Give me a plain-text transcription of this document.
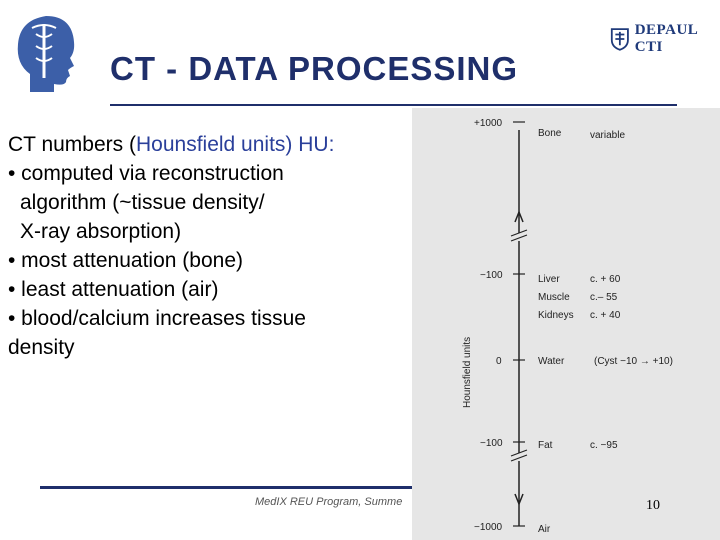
CT - DATA PROCESSING
DEPAUL CTI
CT numbers (Hounsfield units) HU:
• computed via reconstruction
algorithm (~tissue density/
X-ray absorption)
• most attenuation (bone)
• least attenuation (air)
• blood/calcium increases tissue
density	Hounsfield units
+1000
−100
0
−100
−1000
Bone
Liver
Muscle
Kidneys
Water
Fat
Air
variable
c. + 60
c.– 55
c. + 40
(Cyst −10 → +10)
c. −95
MedIX REU Program, Summe	10
